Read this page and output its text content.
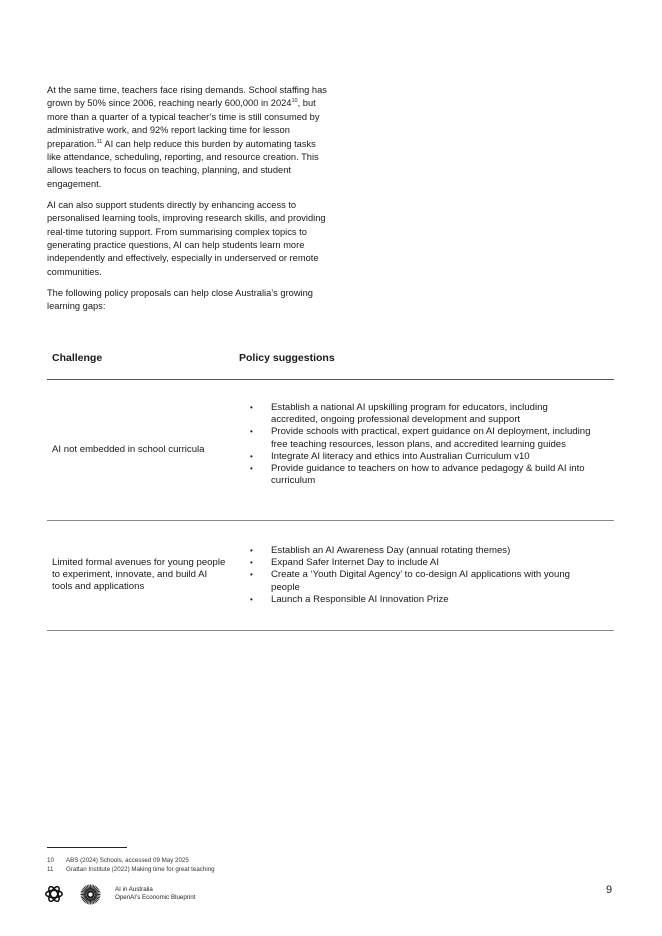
At the same time, teachers face rising demands. School staffing has grown by 50% since 2006, reaching nearly 600,000 in 2024$^{10}$, but more than a quarter of a typical teacher’s time is still consumed by administrative work, and 92% report lacking time for lesson preparation.$^{11}$ AI can help reduce this burden by automating tasks like attendance, scheduling, reporting, and resource creation. This allows teachers to focus on teaching, planning, and student engagement.

AI can also support students directly by enhancing access to personalised learning tools, improving research skills, and providing real-time tutoring support. From summarising complex topics to generating practice questions, AI can help students learn more independently and effectively, especially in underserved or remote communities.

The following policy proposals can help close Australia’s growing learning gaps:

Challenge	Policy suggestions
AI not embedded in school curricula
• Establish a national AI upskilling program for educators, including accredited, ongoing professional development and support
• Provide schools with practical, expert guidance on AI deployment, including free teaching resources, lesson plans, and accredited learning guides
• Integrate AI literacy and ethics into Australian Curriculum v10
• Provide guidance to teachers on how to advance pedagogy & build AI into curriculum
Limited formal avenues for young people to experiment, innovate, and build AI tools and applications
• Establish an AI Awareness Day (annual rotating themes)
• Expand Safer Internet Day to include AI
• Create a ‘Youth Digital Agency’ to co-design AI applications with young people
• Launch a Responsible AI Innovation Prize
10	ABS (2024) Schools, accessed 09 May 2025
11	Grattan Institute (2022) Making time for great teaching
AI in Australia
OpenAI’s Economic Blueprint
9
